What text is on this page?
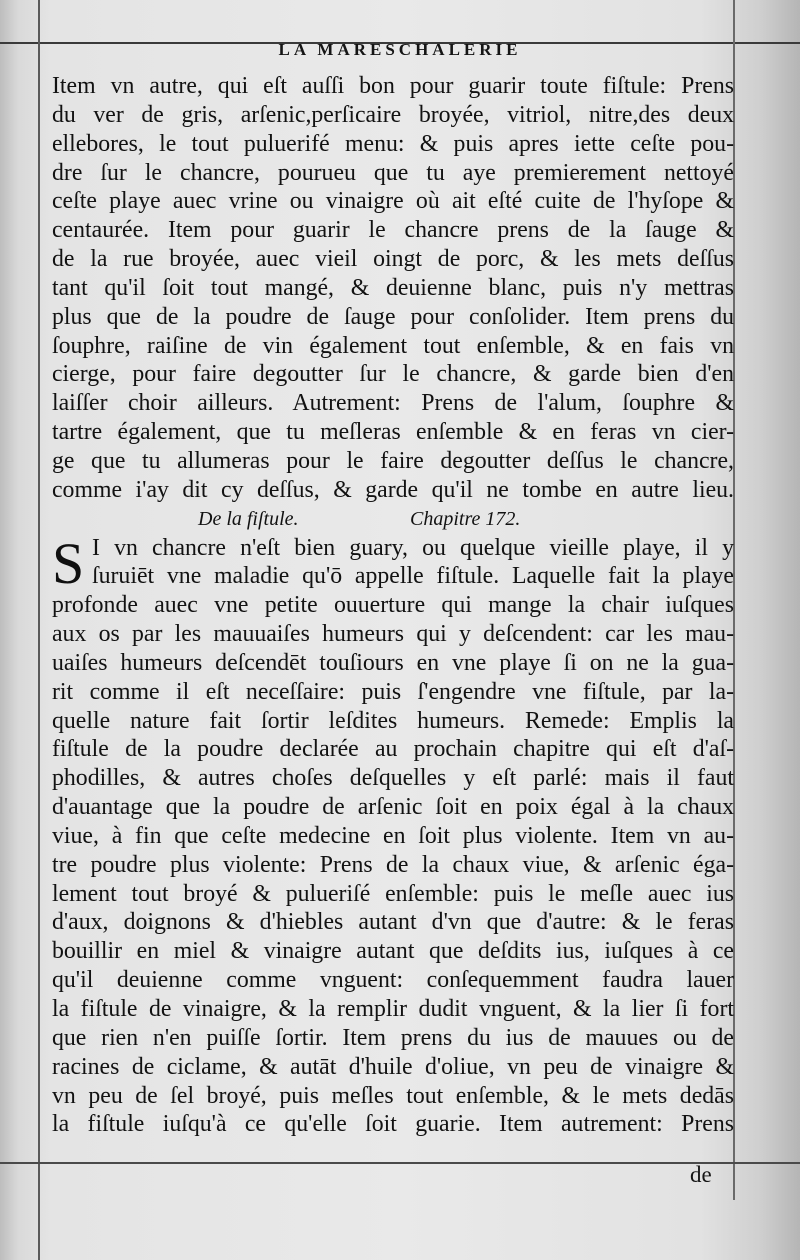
LA MARESCHALERIE
Item vn autre, qui eſt auſſi bon pour guarir toute fiſtule: Prens
du ver de gris, arſenic,perſicaire broyée, vitriol, nitre,des deux
ellebores, le tout puluerifé menu: & puis apres iette ceſte pou-
dre ſur le chancre, pourueu que tu aye premierement nettoyé
ceſte playe auec vrine ou vinaigre où ait eſté cuite de l'hyſope &
centaurée. Item pour guarir le chancre prens de la ſauge &
de la rue broyée, auec vieil oingt de porc, & les mets deſſus
tant qu'il ſoit tout mangé, & deuienne blanc, puis n'y mettras
plus que de la poudre de ſauge pour conſolider. Item prens du
ſouphre, raiſine de vin également tout enſemble, & en fais vn
cierge, pour faire degoutter ſur le chancre, & garde bien d'en
laiſſer choir ailleurs. Autrement: Prens de l'alum, ſouphre &
tartre également, que tu meſleras enſemble & en feras vn cier-
ge que tu allumeras pour le faire degoutter deſſus le chancre,
comme i'ay dit cy deſſus, & garde qu'il ne tombe en autre lieu.
De la fiſtule.	Chapitre 172.
S I vn chancre n'eſt bien guary, ou quelque vieille playe, il y
ſuruiēt vne maladie qu'ō appelle fiſtule. Laquelle fait la playe
profonde auec vne petite ouuerture qui mange la chair iuſques
aux os par les mauuaiſes humeurs qui y deſcendent: car les mau-
uaiſes humeurs deſcendēt touſiours en vne playe ſi on ne la gua-
rit comme il eſt neceſſaire: puis ſ'engendre vne fiſtule, par la-
quelle nature fait ſortir leſdites humeurs. Remede: Emplis la
fiſtule de la poudre declarée au prochain chapitre qui eſt d'aſ-
phodilles, & autres choſes deſquelles y eſt parlé: mais il faut
d'auantage que la poudre de arſenic ſoit en poix égal à la chaux
viue, à fin que ceſte medecine en ſoit plus violente. Item vn au-
tre poudre plus violente: Prens de la chaux viue, & arſenic éga-
lement tout broyé & pulueriſé enſemble: puis le meſle auec ius
d'aux, doignons & d'hiebles autant d'vn que d'autre: & le feras
bouillir en miel & vinaigre autant que deſdits ius, iuſques à ce
qu'il deuienne comme vnguent: conſequemment faudra lauer
la fiſtule de vinaigre, & la remplir dudit vnguent, & la lier ſi fort
que rien n'en puiſſe ſortir. Item prens du ius de mauues ou de
racines de ciclame, & autāt d'huile d'oliue, vn peu de vinaigre &
vn peu de ſel broyé, puis meſles tout enſemble, & le mets dedās
la fiſtule iuſqu'à ce qu'elle ſoit guarie. Item autrement: Prens
de
